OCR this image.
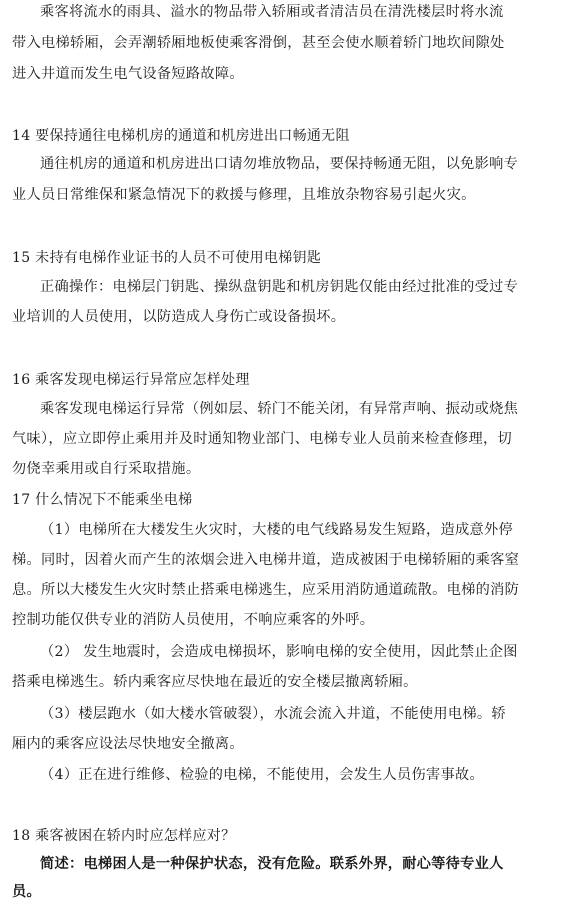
乘客将流水的雨具、溢水的物品带入轿厢或者清洁员在清洗楼层时将水流
带入电梯轿厢，会弄潮轿厢地板使乘客滑倒，甚至会使水顺着轿门地坎间隙处
进入井道而发生电气设备短路故障。
14 要保持通往电梯机房的通道和机房进出口畅通无阻
通往机房的通道和机房进出口请勿堆放物品，要保持畅通无阻，以免影响专
业人员日常维保和紧急情况下的救援与修理，且堆放杂物容易引起火灾。
15 未持有电梯作业证书的人员不可使用电梯钥匙
正确操作：电梯层门钥匙、操纵盘钥匙和机房钥匙仅能由经过批准的受过专
业培训的人员使用，以防造成人身伤亡或设备损坏。
16 乘客发现电梯运行异常应怎样处理
乘客发现电梯运行异常（例如层、轿门不能关闭，有异常声响、振动或烧焦
气味），应立即停止乘用并及时通知物业部门、电梯专业人员前来检查修理，切
勿侥幸乘用或自行采取措施。
17 什么情况下不能乘坐电梯
（1）电梯所在大楼发生火灾时，大楼的电气线路易发生短路，造成意外停
梯。同时，因着火而产生的浓烟会进入电梯井道，造成被困于电梯轿厢的乘客窒
息。所以大楼发生火灾时禁止搭乘电梯逃生，应采用消防通道疏散。电梯的消防
控制功能仅供专业的消防人员使用，不响应乘客的外呼。
（2） 发生地震时，会造成电梯损坏，影响电梯的安全使用，因此禁止企图
搭乘电梯逃生。轿内乘客应尽快地在最近的安全楼层撤离轿厢。
（3）楼层跑水（如大楼水管破裂），水流会流入井道，不能使用电梯。轿
厢内的乘客应设法尽快地安全撤离。
（4）正在进行维修、检验的电梯，不能使用，会发生人员伤害事故。
18 乘客被困在轿内时应怎样应对？
简述：电梯困人是一种保护状态，没有危险。联系外界，耐心等待专业人
员。
